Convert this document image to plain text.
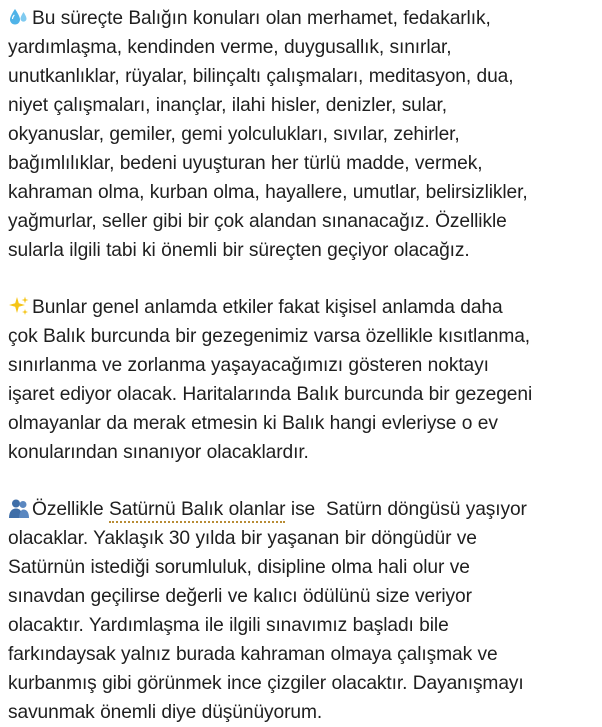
Bu süreçte Balığın konuları olan merhamet, fedakarlık,
yardımlaşma, kendinden verme, duygusallık, sınırlar,
unutkanlıklar, rüyalar, bilinçaltı çalışmaları, meditasyon, dua,
niyet çalışmaları, inançlar, ilahi hisler, denizler, sular,
okyanuslar, gemiler, gemi yolculukları, sıvılar, zehirler,
bağımlılıklar, bedeni uyuşturan her türlü madde, vermek,
kahraman olma, kurban olma, hayallere, umutlar, belirsizlikler,
yağmurlar, seller gibi bir çok alandan sınanacağız. Özellikle
sularla ilgili tabi ki önemli bir süreçten geçiyor olacağız.

Bunlar genel anlamda etkiler fakat kişisel anlamda daha
çok Balık burcunda bir gezegenimiz varsa özellikle kısıtlanma,
sınırlanma ve zorlanma yaşayacağımızı gösteren noktayı
işaret ediyor olacak. Haritalarında Balık burcunda bir gezegeni
olmayanlar da merak etmesin ki Balık hangi evleriyse o ev
konularından sınanıyor olacaklardır.

Özellikle Satürnü Balık olanlar ise  Satürn döngüsü yaşıyor
olacaklar. Yaklaşık 30 yılda bir yaşanan bir döngüdür ve
Satürnün istediği sorumluluk, disipline olma hali olur ve
sınavdan geçilirse değerli ve kalıcı ödülünü size veriyor
olacaktır. Yardımlaşma ile ilgili sınavımız başladı bile
farkındaysak yalnız burada kahraman olmaya çalışmak ve
kurbanmış gibi görünmek ince çizgiler olacaktır. Dayanışmayı
savunmak önemli diye düşünüyorum.
